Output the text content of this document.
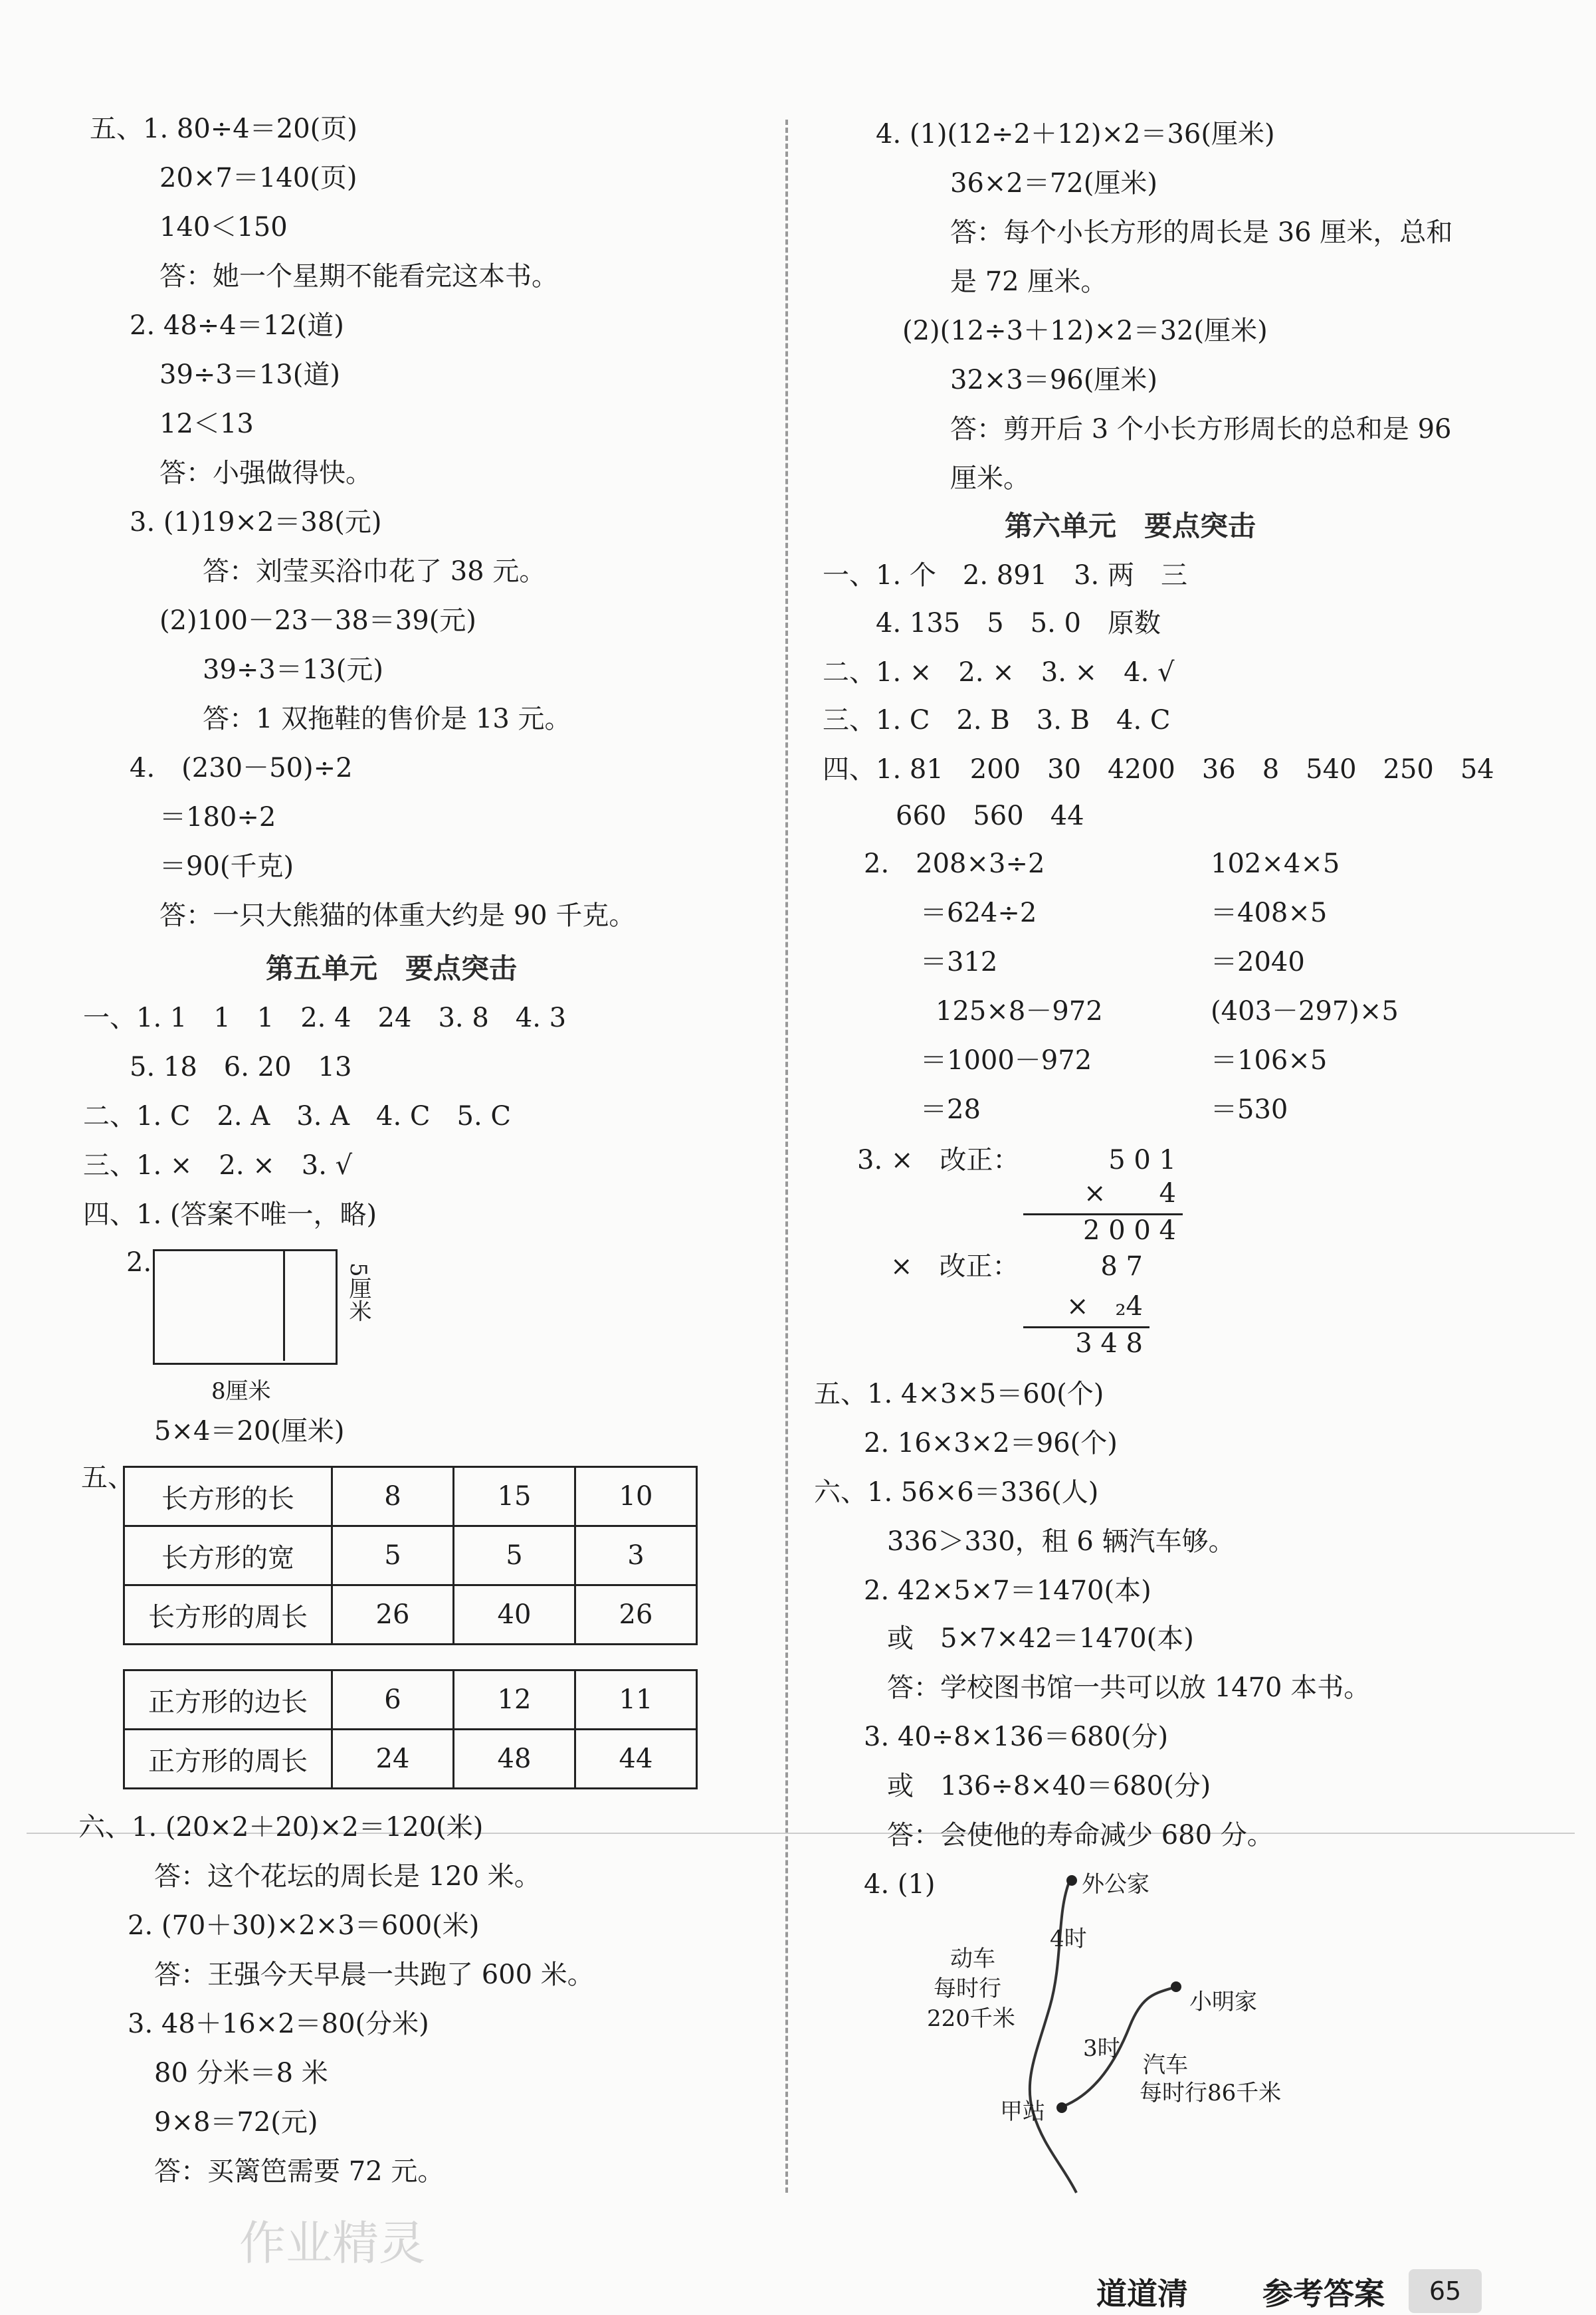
五、1. 80÷4＝20(页)
20×7＝140(页)
140＜150
答：她一个星期不能看完这本书。
2. 48÷4＝12(道)
39÷3＝13(道)
12＜13
答：小强做得快。
3. (1)19×2＝38(元)
答：刘莹买浴巾花了 38 元。
(2)100－23－38＝39(元)
39÷3＝13(元)
答：1 双拖鞋的售价是 13 元。
4.　(230－50)÷2
＝180÷2
＝90(千克)
答：一只大熊猫的体重大约是 90 千克。
第五单元　要点突击
一、1. 1　1　1　2. 4　24　3. 8　4. 3
5. 18　6. 20　13
二、1. C　2. A　3. A　4. C　5. C
三、1. ×　2. ×　3. √
四、1. (答案不唯一，略)
2.	5厘米
8厘米
5×4＝20(厘米)
五、
长方形的长	8	15	10
长方形的宽	5	5	3
长方形的周长	26	40	26
正方形的边长	6	12	11
正方形的周长	24	48	44
六、1. (20×2＋20)×2＝120(米)
答：这个花坛的周长是 120 米。
2. (70＋30)×2×3＝600(米)
答：王强今天早晨一共跑了 600 米。
3. 48＋16×2＝80(分米)
80 分米＝8 米
9×8＝72(元)
答：买篱笆需要 72 元。
4. (1)(12÷2＋12)×2＝36(厘米)
36×2＝72(厘米)
答：每个小长方形的周长是 36 厘米，总和
是 72 厘米。
(2)(12÷3＋12)×2＝32(厘米)
32×3＝96(厘米)
答：剪开后 3 个小长方形周长的总和是 96
厘米。
第六单元　要点突击
一、1. 个　2. 891　3. 两　三
4. 135　5　5. 0　原数
二、1. ×　2. ×　3. ×　4. √
三、1. C　2. B　3. B　4. C
四、1. 81　200　30　4200　36　8　540　250　54
660　560　44
2.　208×3÷2
＝624÷2
＝312
125×8－972
＝1000－972
＝28
102×4×5
＝408×5
＝2040
(403－297)×5
＝106×5
＝530
3. ×　改正：	5 0 1
×　　4
2 0 0 4
×　改正：	8 7
×　₂4
3 4 8
五、1. 4×3×5＝60(个)
2. 16×3×2＝96(个)
六、1. 56×6＝336(人)
336＞330，租 6 辆汽车够。
2. 42×5×7＝1470(本)
或　5×7×42＝1470(本)
答：学校图书馆一共可以放 1470 本书。
3. 40÷8×136＝680(分)
或　136÷8×40＝680(分)
答：会使他的寿命减少 680 分。
4. (1)	外公家
4时
动车
每时行
220千米
小明家
3时
汽车
每时行86千米
甲站
作业精灵
道道清 参考答案	65
